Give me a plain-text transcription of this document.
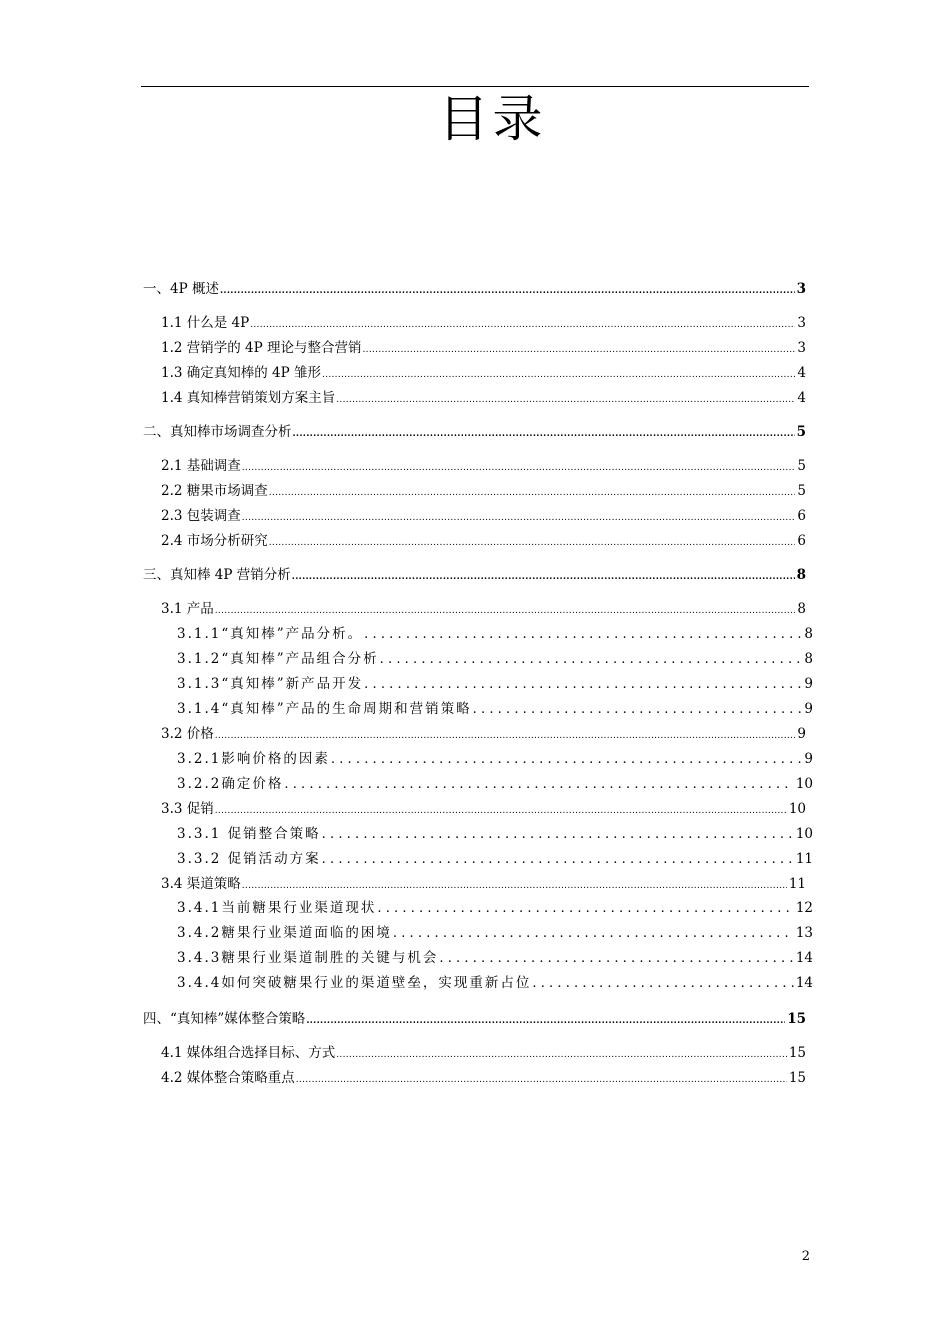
目录
一、4P 概述 .....	3
1.1 什么是 4P .....	3
1.2 营销学的 4P 理论与整合营销 .....	3
1.3 确定真知棒的 4P 雏形 .....	4
1.4 真知棒营销策划方案主旨 .....	4
二、真知棒市场调查分析 .....	5
2.1 基础调查 .....	5
2.2 糖果市场调查 .....	5
2.3 包装调查 .....	6
2.4 市场分析研究 .....	6
三、真知棒 4P 营销分析 .....	8
3.1 产品 .....	8
3.1.1“真知棒”产品分析。 .....	8
3.1.2“真知棒”产品组合分析 .....	8
3.1.3“真知棒”新产品开发 .....	9
3.1.4“真知棒”产品的生命周期和营销策略 .....	9
3.2 价格 .....	9
3.2.1影响价格的因素 .....	9
3.2.2确定价格 .....	10
3.3 促销 .....	10
3.3.1 促销整合策略 .....	10
3.3.2 促销活动方案 .....	11
3.4 渠道策略 .....	11
3.4.1当前糖果行业渠道现状 .....	12
3.4.2糖果行业渠道面临的困境 .....	13
3.4.3糖果行业渠道制胜的关键与机会 .....	14
3.4.4如何突破糖果行业的渠道壁垒，实现重新占位 .....	14
四、“真知棒”媒体整合策略 .....	15
4.1 媒体组合选择目标、方式 .....	15
4.2 媒体整合策略重点 .....	15
2
